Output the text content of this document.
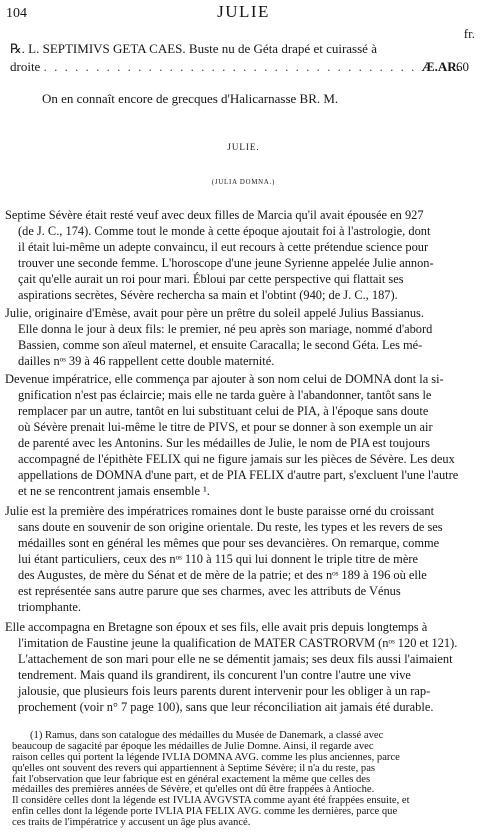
104	JULIE
fr.
℞. L. SEPTIMIVS GETA CAES. Buste nu de Géta drapé et cuirassé à
droite . . . . . . . . . . . . . . . . . . . . . . . . . . . . . . . . . . . . Æ.AR.
60
On en connaît encore de grecques d'Halicarnasse BR. M.
JULIE.
(JULIA DOMNA.)
Septime Sévère était resté veuf avec deux filles de Marcia qu'il avait épousée en 927
(de J. C., 174). Comme tout le monde à cette époque ajoutait foi à l'astrologie, dont
il était lui-même un adepte convaincu, il eut recours à cette prétendue science pour
trouver une seconde femme. L'horoscope d'une jeune Syrienne appelée Julie annon-
çait qu'elle aurait un roi pour mari. Ébloui par cette perspective qui flattait ses
aspirations secrètes, Sévère rechercha sa main et l'obtint (940; de J. C., 187).
Julie, originaire d'Emèse, avait pour père un prêtre du soleil appelé Julius Bassianus.
Elle donna le jour à deux fils: le premier, né peu après son mariage, nommé d'abord
Bassien, comme son aïeul maternel, et ensuite Caracalla; le second Géta. Les mé-
dailles nᵒˢ 39 à 46 rappellent cette double maternité.
Devenue impératrice, elle commença par ajouter à son nom celui de DOMNA dont la si-
gnification n'est pas éclaircie; mais elle ne tarda guère à l'abandonner, tantôt sans le
remplacer par un autre, tantôt en lui substituant celui de PIA, à l'époque sans doute
où Sévère prenait lui-même le titre de PIVS, et pour se donner à son exemple un air
de parenté avec les Antonins. Sur les médailles de Julie, le nom de PIA est toujours
accompagné de l'épithète FELIX qui ne figure jamais sur les pièces de Sévère. Les deux
appellations de DOMNA d'une part, et de PIA FELIX d'autre part, s'excluent l'une l'autre
et ne se rencontrent jamais ensemble ¹.
Julie est la première des impératrices romaines dont le buste paraisse orné du croissant
sans doute en souvenir de son origine orientale. Du reste, les types et les revers de ses
médailles sont en général les mêmes que pour ses devancières. On remarque, comme
lui étant particuliers, ceux des nᵒˢ 110 à 115 qui lui donnent le triple titre de mère
des Augustes, de mère du Sénat et de mère de la patrie; et des nᵒˢ 189 à 196 où elle
est représentée sans autre parure que ses charmes, avec les attributs de Vénus
triomphante.
Elle accompagna en Bretagne son époux et ses fils, elle avait pris depuis longtemps à
l'imitation de Faustine jeune la qualification de MATER CASTRORVM (nᵒˢ 120 et 121).
L'attachement de son mari pour elle ne se démentit jamais; ses deux fils aussi l'aimaient
tendrement. Mais quand ils grandirent, ils concurent l'un contre l'autre une vive
jalousie, que plusieurs fois leurs parents durent intervenir pour les obliger à un rap-
prochement (voir n° 7 page 100), sans que leur réconciliation ait jamais été durable.
(1) Ramus, dans son catalogue des médailles du Musée de Danemark, a classé avec
beaucoup de sagacité par époque les médailles de Julie Domne. Ainsi, il regarde avec
raison celles qui portent la légende IVLIA DOMNA AVG. comme les plus anciennes, parce
qu'elles ont souvent des revers qui appartiennent à Septime Sévère; il n'a du reste, pas
fait l'observation que leur fabrique est en général exactement la même que celles des
médailles des premières années de Sévère, et qu'elles ont dû être frappées à Antioche.
Il considère celles dont la légende est IVLIA AVGVSTA comme ayant été frappées ensuite, et
enfin celles dont la légende porte IVLIA PIA FELIX AVG. comme les dernières, parce que
ces traits de l'impératrice y accusent un âge plus avancé.
